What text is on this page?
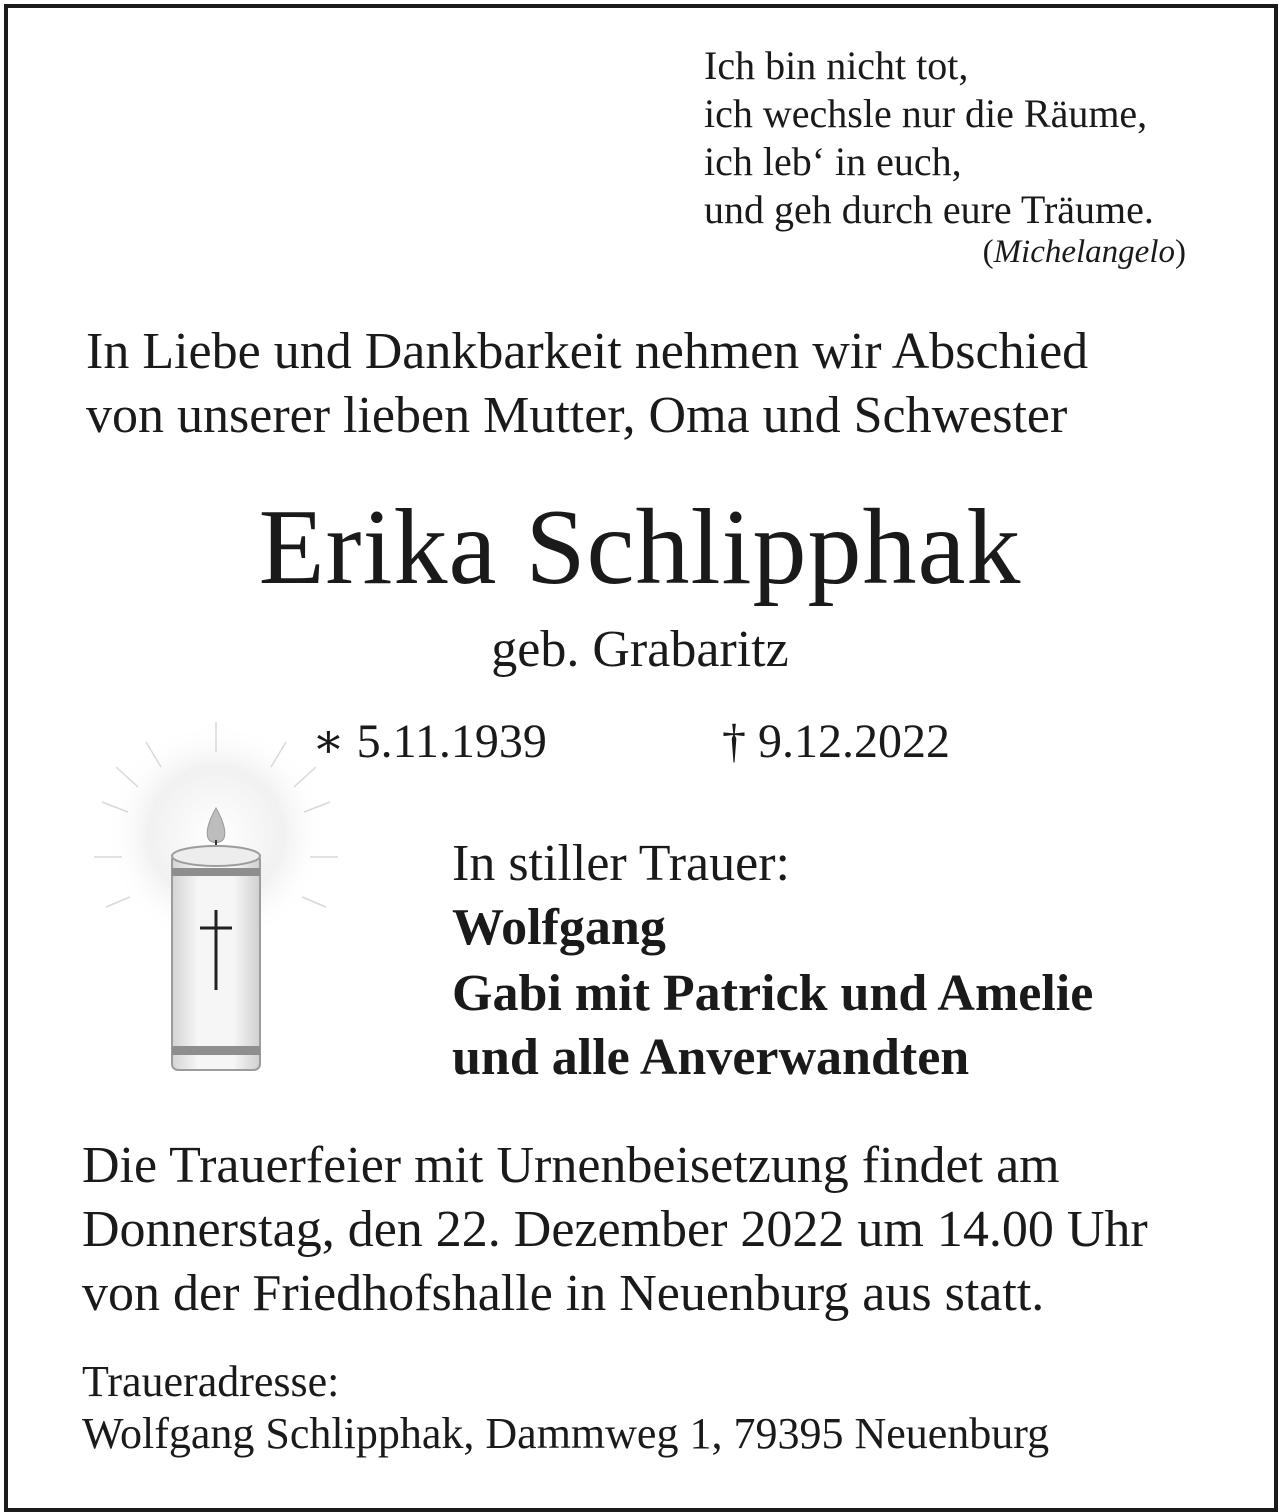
Ich bin nicht tot,
ich wechsle nur die Räume,
ich leb‘ in euch,
und geh durch eure Träume.
(Michelangelo)
In Liebe und Dankbarkeit nehmen wir Abschied
von unserer lieben Mutter, Oma und Schwester
Erika Schlipphak
geb. Grabaritz
∗ 5.11.1939	† 9.12.2022
In stiller Trauer:
Wolfgang
Gabi mit Patrick und Amelie
und alle Anverwandten
Die Trauerfeier mit Urnenbeisetzung findet am
Donnerstag, den 22. Dezember 2022 um 14.00 Uhr
von der Friedhofshalle in Neuenburg aus statt.
Traueradresse:
Wolfgang Schlipphak, Dammweg 1, 79395 Neuenburg
